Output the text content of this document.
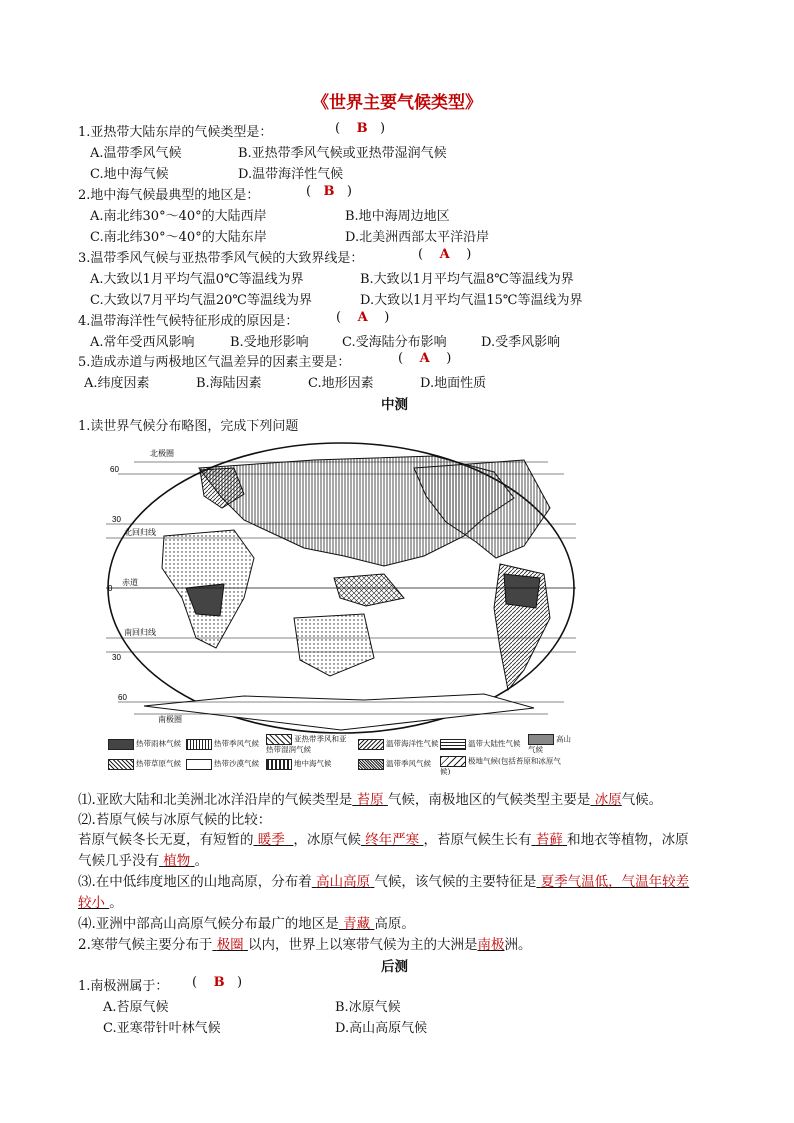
《世界主要气候类型》
1.亚热带大陆东岸的气候类型是：	(    B   )
A.温带季风气候	B.亚热带季风气候或亚热带湿润气候
C.地中海气候	D.温带海洋性气候
2.地中海气候最典型的地区是：	(   B   )
A.南北纬30°～40°的大陆西岸	B.地中海周边地区
C.南北纬30°～40°的大陆东岸	D.北美洲西部太平洋沿岸
3.温带季风气候与亚热带季风气候的大致界线是：	(    A    )
A.大致以1月平均气温0℃等温线为界	B.大致以1月平均气温8℃等温线为界
C.大致以7月平均气温20℃等温线为界	D.大致以1月平均气温15℃等温线为界
4.温带海洋性气候特征形成的原因是：	(    A    )
A.常年受西风影响	B.受地形影响	C.受海陆分布影响	D.受季风影响
5.造成赤道与两极地区气温差异的因素主要是：	(    A    )
A.纬度因素	B.海陆因素	C.地形因素	D.地面性质
中测
1.读世界气候分布略图，完成下列问题
北极圈
60
30
北回归线
0
赤道
南回归线
30
60
南极圈
热带雨林气候	热带季风气候	亚热带季风和亚热带湿润气候
温带海洋性气候	温带大陆性气候	高山气候
热带草原气候	热带沙漠气候	地中海气候	温带季风气候	极地气候(包括苔原和冰原气候)
⑴.亚欧大陆和北美洲北冰洋沿岸的气候类型是 苔原 气候，南极地区的气候类型主要是 冰原气候。
⑵.苔原气候与冰原气候的比较：
苔原气候冬长无夏，有短暂的 暖季 ，冰原气候 终年严寒 ，苔原气候生长有 苔藓 和地衣等植物，冰原
气候几乎没有 植物 。
⑶.在中低纬度地区的山地高原，分布着 高山高原 气候，该气候的主要特征是 夏季气温低，气温年较差
较小 。
⑷.亚洲中部高山高原气候分布最广的地区是 青藏 高原。
2.寒带气候主要分布于 极圈 以内，世界上以寒带气候为主的大洲是南极洲。
后测
1.南极洲属于： (    B   )
A.苔原气候	B.冰原气候
C.亚寒带针叶林气候	D.高山高原气候
